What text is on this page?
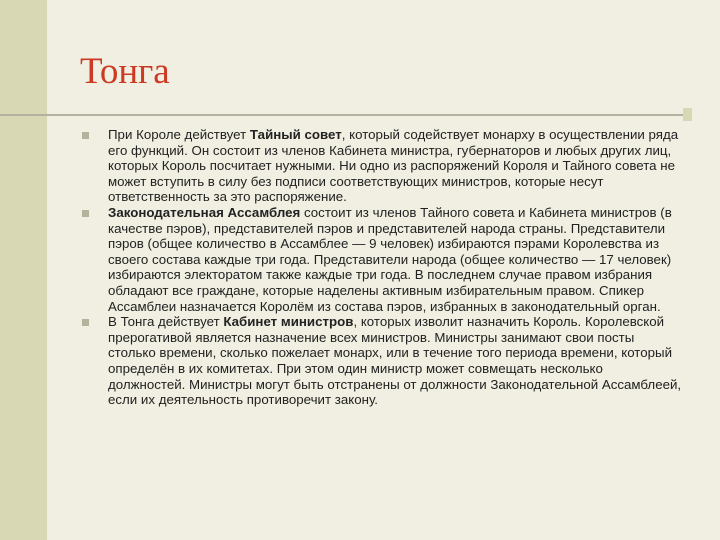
Тонга
При Короле действует Тайный совет, который содействует монарху в осуществлении ряда его функций. Он состоит из членов Кабинета министра, губернаторов и любых других лиц, которых Король посчитает нужными. Ни одно из распоряжений Короля и Тайного совета не может вступить в силу без подписи соответствующих министров, которые несут ответственность за это распоряжение.
Законодательная Ассамблея состоит из членов Тайного совета и Кабинета министров (в качестве пэров), представителей пэров и представителей народа страны. Представители пэров (общее количество в Ассамблее — 9 человек) избираются пэрами Королевства из своего состава каждые три года. Представители народа (общее количество — 17 человек) избираются электоратом также каждые три года. В последнем случае правом избрания обладают все граждане, которые наделены активным избирательным правом. Спикер Ассамблеи назначается Королём из состава пэров, избранных в законодательный орган.
В Тонга действует Кабинет министров, которых изволит назначить Король. Королевской прерогативой является назначение всех министров. Министры занимают свои посты столько времени, сколько пожелает монарх, или в течение того периода времени, который определён в их комитетах. При этом один министр может совмещать несколько должностей. Министры могут быть отстранены от должности Законодательной Ассамблеей, если их деятельность противоречит закону.
